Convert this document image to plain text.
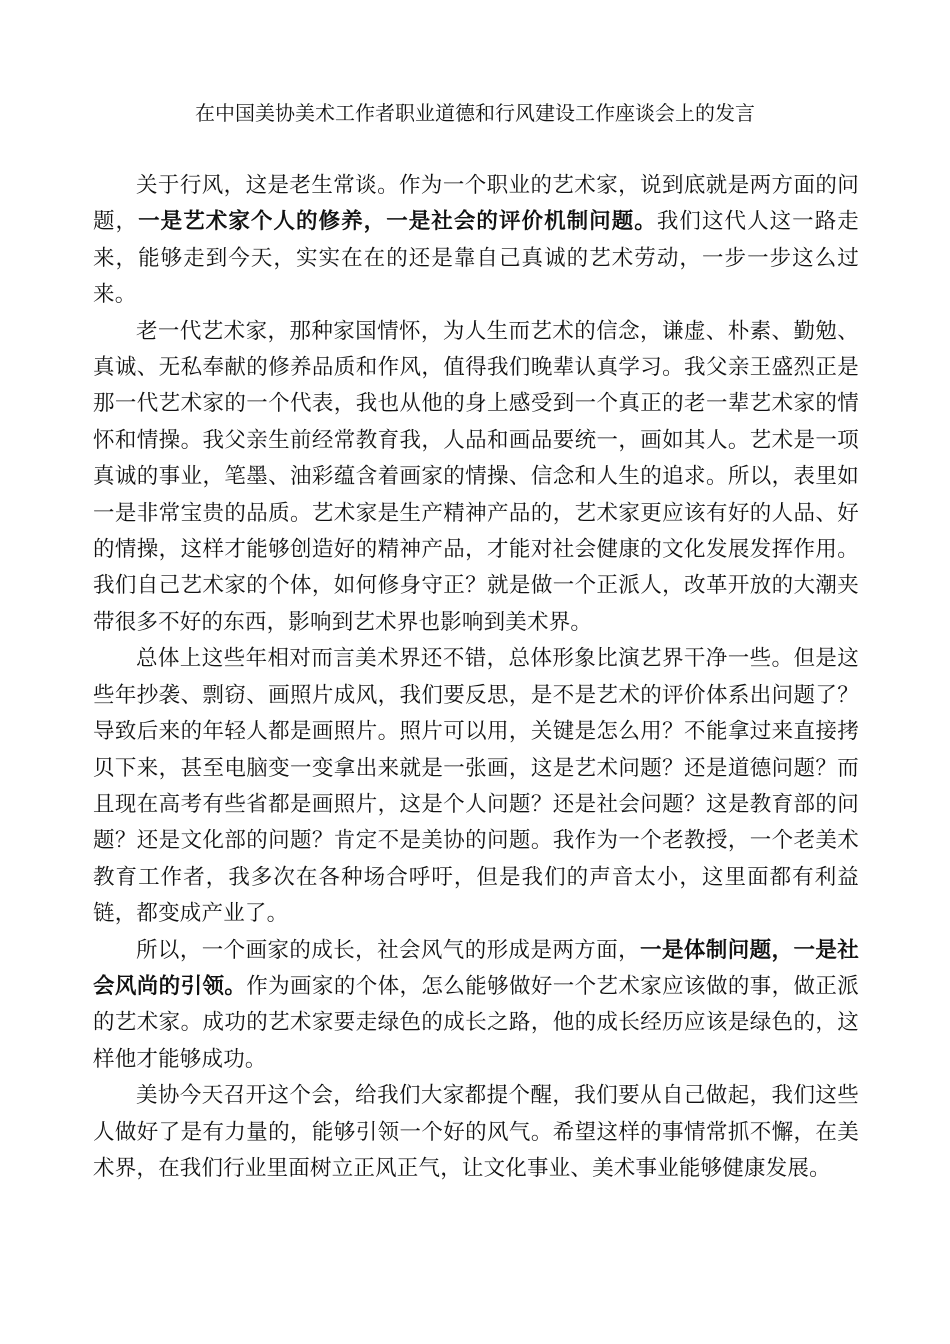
在中国美协美术工作者职业道德和行风建设工作座谈会上的发言

关于行风，这是老生常谈。作为一个职业的艺术家，说到底就是两方面的问题，一是艺术家个人的修养，一是社会的评价机制问题。我们这代人这一路走来，能够走到今天，实实在在的还是靠自己真诚的艺术劳动，一步一步这么过来。

老一代艺术家，那种家国情怀，为人生而艺术的信念，谦虚、朴素、勤勉、真诚、无私奉献的修养品质和作风，值得我们晚辈认真学习。我父亲王盛烈正是那一代艺术家的一个代表，我也从他的身上感受到一个真正的老一辈艺术家的情怀和情操。我父亲生前经常教育我，人品和画品要统一，画如其人。艺术是一项真诚的事业，笔墨、油彩蕴含着画家的情操、信念和人生的追求。所以，表里如一是非常宝贵的品质。艺术家是生产精神产品的，艺术家更应该有好的人品、好的情操，这样才能够创造好的精神产品，才能对社会健康的文化发展发挥作用。我们自己艺术家的个体，如何修身守正？就是做一个正派人，改革开放的大潮夹带很多不好的东西，影响到艺术界也影响到美术界。

总体上这些年相对而言美术界还不错，总体形象比演艺界干净一些。但是这些年抄袭、剽窃、画照片成风，我们要反思，是不是艺术的评价体系出问题了？导致后来的年轻人都是画照片。照片可以用，关键是怎么用？不能拿过来直接拷贝下来，甚至电脑变一变拿出来就是一张画，这是艺术问题？还是道德问题？而且现在高考有些省都是画照片，这是个人问题？还是社会问题？这是教育部的问题？还是文化部的问题？肯定不是美协的问题。我作为一个老教授，一个老美术教育工作者，我多次在各种场合呼吁，但是我们的声音太小，这里面都有利益链，都变成产业了。

所以，一个画家的成长，社会风气的形成是两方面，一是体制问题，一是社会风尚的引领。作为画家的个体，怎么能够做好一个艺术家应该做的事，做正派的艺术家。成功的艺术家要走绿色的成长之路，他的成长经历应该是绿色的，这样他才能够成功。

美协今天召开这个会，给我们大家都提个醒，我们要从自己做起，我们这些人做好了是有力量的，能够引领一个好的风气。希望这样的事情常抓不懈，在美术界，在我们行业里面树立正风正气，让文化事业、美术事业能够健康发展。
